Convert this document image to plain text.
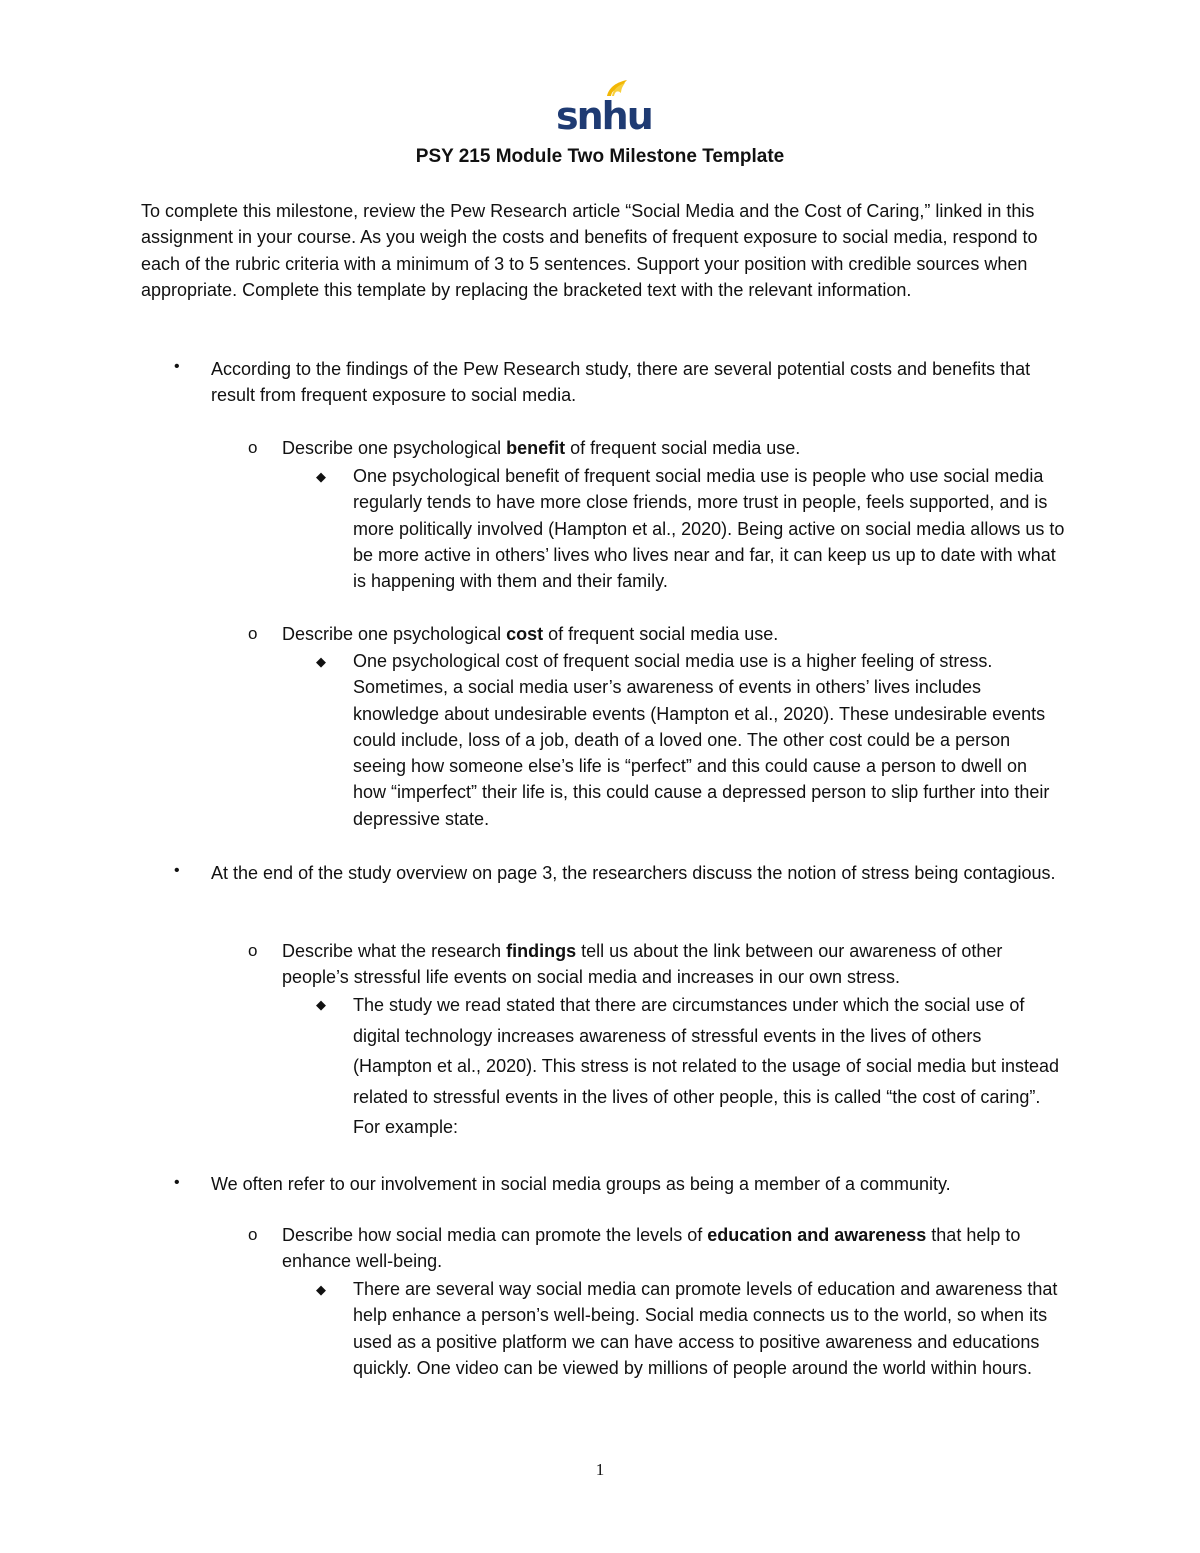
snhu
PSY 215 Module Two Milestone Template
To complete this milestone, review the Pew Research article “Social Media and the Cost of Caring,” linked in this assignment in your course. As you weigh the costs and benefits of frequent exposure to social media, respond to each of the rubric criteria with a minimum of 3 to 5 sentences. Support your position with credible sources when appropriate. Complete this template by replacing the bracketed text with the relevant information.
• According to the findings of the Pew Research study, there are several potential costs and benefits that result from frequent exposure to social media.
o Describe one psychological benefit of frequent social media use.
◆ One psychological benefit of frequent social media use is people who use social media regularly tends to have more close friends, more trust in people, feels supported, and is more politically involved (Hampton et al., 2020). Being active on social media allows us to be more active in others’ lives who lives near and far, it can keep us up to date with what is happening with them and their family.
o Describe one psychological cost of frequent social media use.
◆ One psychological cost of frequent social media use is a higher feeling of stress. Sometimes, a social media user’s awareness of events in others’ lives includes knowledge about undesirable events (Hampton et al., 2020). These undesirable events could include, loss of a job, death of a loved one. The other cost could be a person seeing how someone else’s life is “perfect” and this could cause a person to dwell on how “imperfect” their life is, this could cause a depressed person to slip further into their depressive state.
• At the end of the study overview on page 3, the researchers discuss the notion of stress being contagious.
o Describe what the research findings tell us about the link between our awareness of other people’s stressful life events on social media and increases in our own stress.
◆ The study we read stated that there are circumstances under which the social use of digital technology increases awareness of stressful events in the lives of others (Hampton et al., 2020). This stress is not related to the usage of social media but instead related to stressful events in the lives of other people, this is called “the cost of caring”. For example:
• We often refer to our involvement in social media groups as being a member of a community.
o Describe how social media can promote the levels of education and awareness that help to enhance well-being.
◆ There are several way social media can promote levels of education and awareness that help enhance a person’s well-being. Social media connects us to the world, so when its used as a positive platform we can have access to positive awareness and educations quickly. One video can be viewed by millions of people around the world within hours.
1
